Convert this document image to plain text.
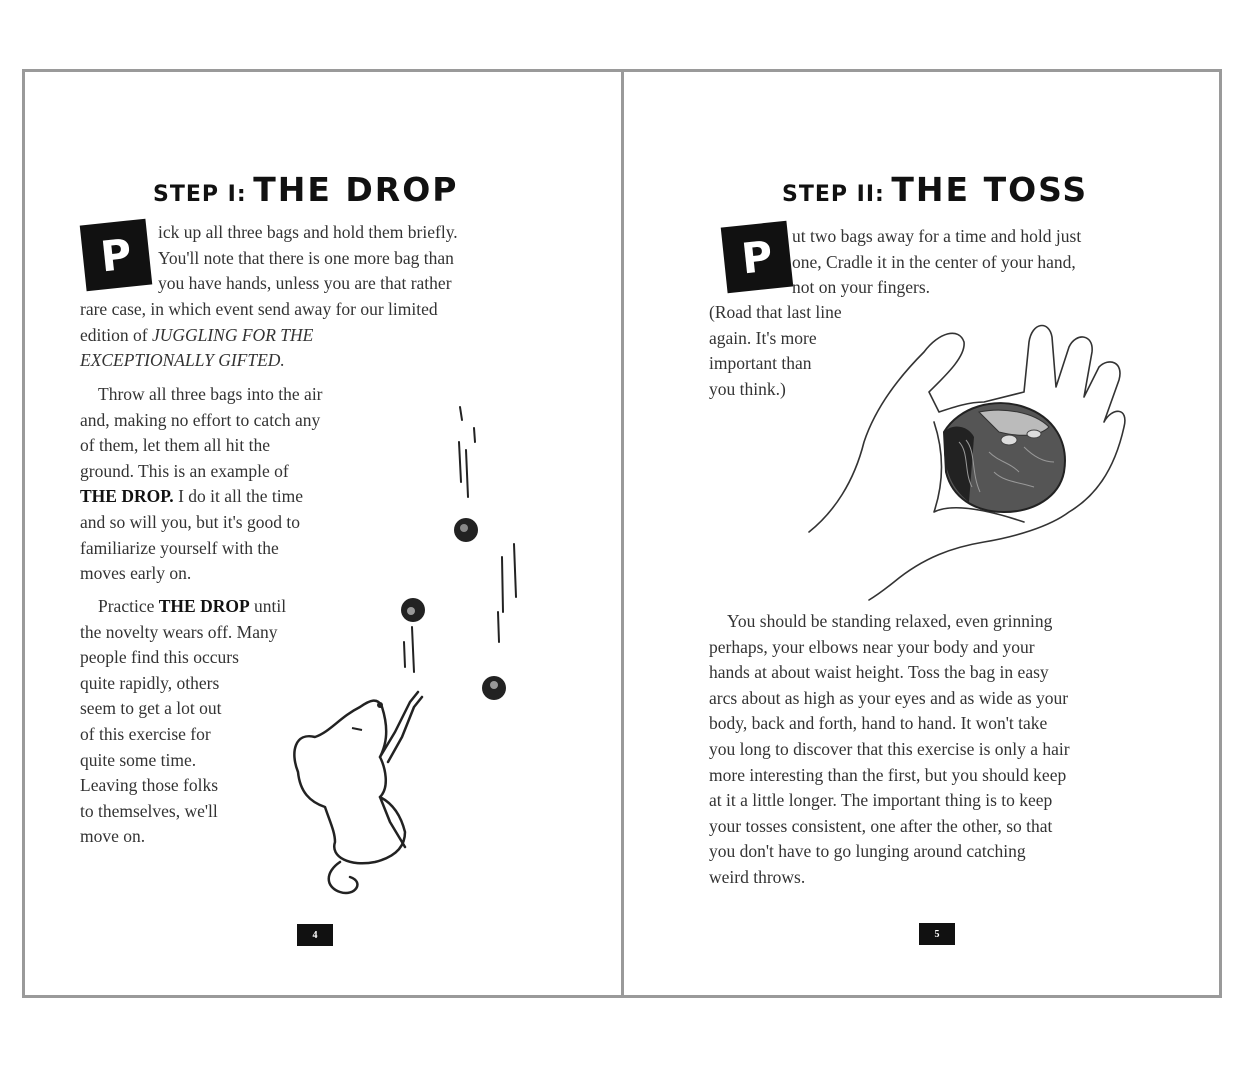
STEP I: THE DROP
P	ick up all three bags and hold them briefly.

You'll note that there is one more bag than

you have hands, unless you are that rather

rare case, in which event send away for our limited

edition of JUGGLING FOR THE

EXCEPTIONALLY GIFTED.

Throw all three bags into the air

and, making no effort to catch any

of them, let them all hit the

ground. This is an example of

THE DROP. I do it all the time

and so will you, but it's good to

familiarize yourself with the

moves early on.

Practice THE DROP until

the novelty wears off. Many

people find this occurs

quite rapidly, others

seem to get a lot out

of this exercise for

quite some time.

Leaving those folks

to themselves, we'll

move on.

4
STEP II: THE TOSS
P ut two bags away for a time and hold just

one, Cradle it in the center of your hand,

not on your fingers.

(Road that last line

again. It's more

important than

you think.)

You should be standing relaxed, even grinning

perhaps, your elbows near your body and your

hands at about waist height. Toss the bag in easy

arcs about as high as your eyes and as wide as your

body, back and forth, hand to hand. It won't take

you long to discover that this exercise is only a hair

more interesting than the first, but you should keep

at it a little longer. The important thing is to keep

your tosses consistent, one after the other, so that

you don't have to go lunging around catching

weird throws.

5
